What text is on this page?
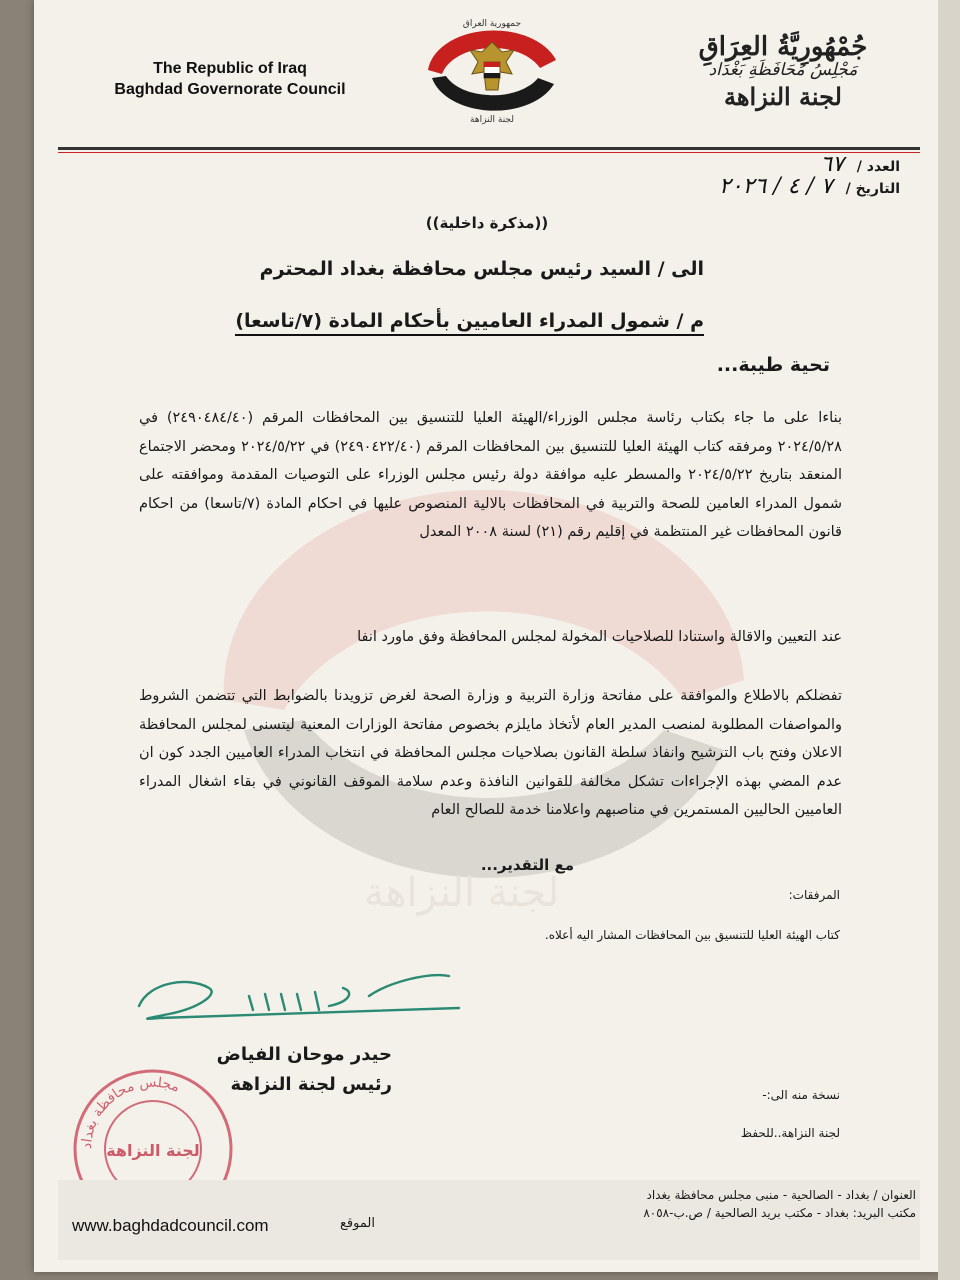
لجنة النزاهة
The Republic of Iraq
Baghdad Governorate Council
جمهورية العراق
لجنة النزاهة
جُمْهُورِيَّةُ العِرَاقِ
مَجْلِسُ مُحَافَظَةِ بَغْدَاد
لجنة النزاهة
العدد / ٦٧
التاريخ / ٧ / ٤ / ٢٠٢٦
((مذكرة داخلية))
الى / السيد رئيس مجلس محافظة بغداد المحترم
م / شمول المدراء العاميين بأحكام المادة (٧/تاسعا)
تحية طيبة...
بناءا على ما جاء بكتاب رئاسة مجلس الوزراء/الهيئة العليا للتنسيق بين المحافظات المرقم (٢٤٩٠٤٨٤/٤٠) في ٢٠٢٤/٥/٢٨ ومرفقه كتاب الهيئة العليا للتنسيق بين المحافظات المرقم (٢٤٩٠٤٢٢/٤٠) في ٢٠٢٤/٥/٢٢ ومحضر الاجتماع المنعقد بتاريخ ٢٠٢٤/٥/٢٢ والمسطر عليه موافقة دولة رئيس مجلس الوزراء على التوصيات المقدمة وموافقته على شمول المدراء العامين للصحة والتربية في المحافظات بالالية المنصوص عليها في احكام المادة (٧/تاسعا) من احكام قانون المحافظات غير المنتظمة في إقليم رقم (٢١) لسنة ٢٠٠٨ المعدل
عند التعيين والاقالة واستنادا للصلاحيات المخولة لمجلس المحافظة وفق ماورد انفا
تفضلكم بالاطلاع والموافقة على مفاتحة وزارة التربية و وزارة الصحة لغرض تزويدنا بالضوابط التي تتضمن الشروط والمواصفات المطلوبة لمنصب المدير العام لأتخاذ مايلزم بخصوص مفاتحة الوزارات المعنية ليتسنى لمجلس المحافظة الاعلان وفتح باب الترشيح وانفاذ سلطة القانون بصلاحيات مجلس المحافظة في انتخاب المدراء العاميين الجدد كون ان عدم المضي بهذه الإجراءات تشكل مخالفة للقوانين النافذة وعدم سلامة الموقف القانوني في بقاء اشغال المدراء العاميين الحاليين المستمرين في مناصبهم واعلامنا خدمة للصالح العام
مع التقدير...
المرفقات:
كتاب الهيئة العليا للتنسيق بين المحافظات المشار اليه أعلاه.
حيدر موحان الفياض
رئيس لجنة النزاهة
مجلس محافظة بغداد
لجنة النزاهة
نسخة منه الى:-
لجنة النزاهة..للحفظ
العنوان / بغداد - الصالحية - منبى مجلس محافظة بغداد
مكتب البريد: بغداد - مكتب بريد الصالحية / ص.ب-٨٠٥٨
www.baghdadcouncil.com	الموقع
